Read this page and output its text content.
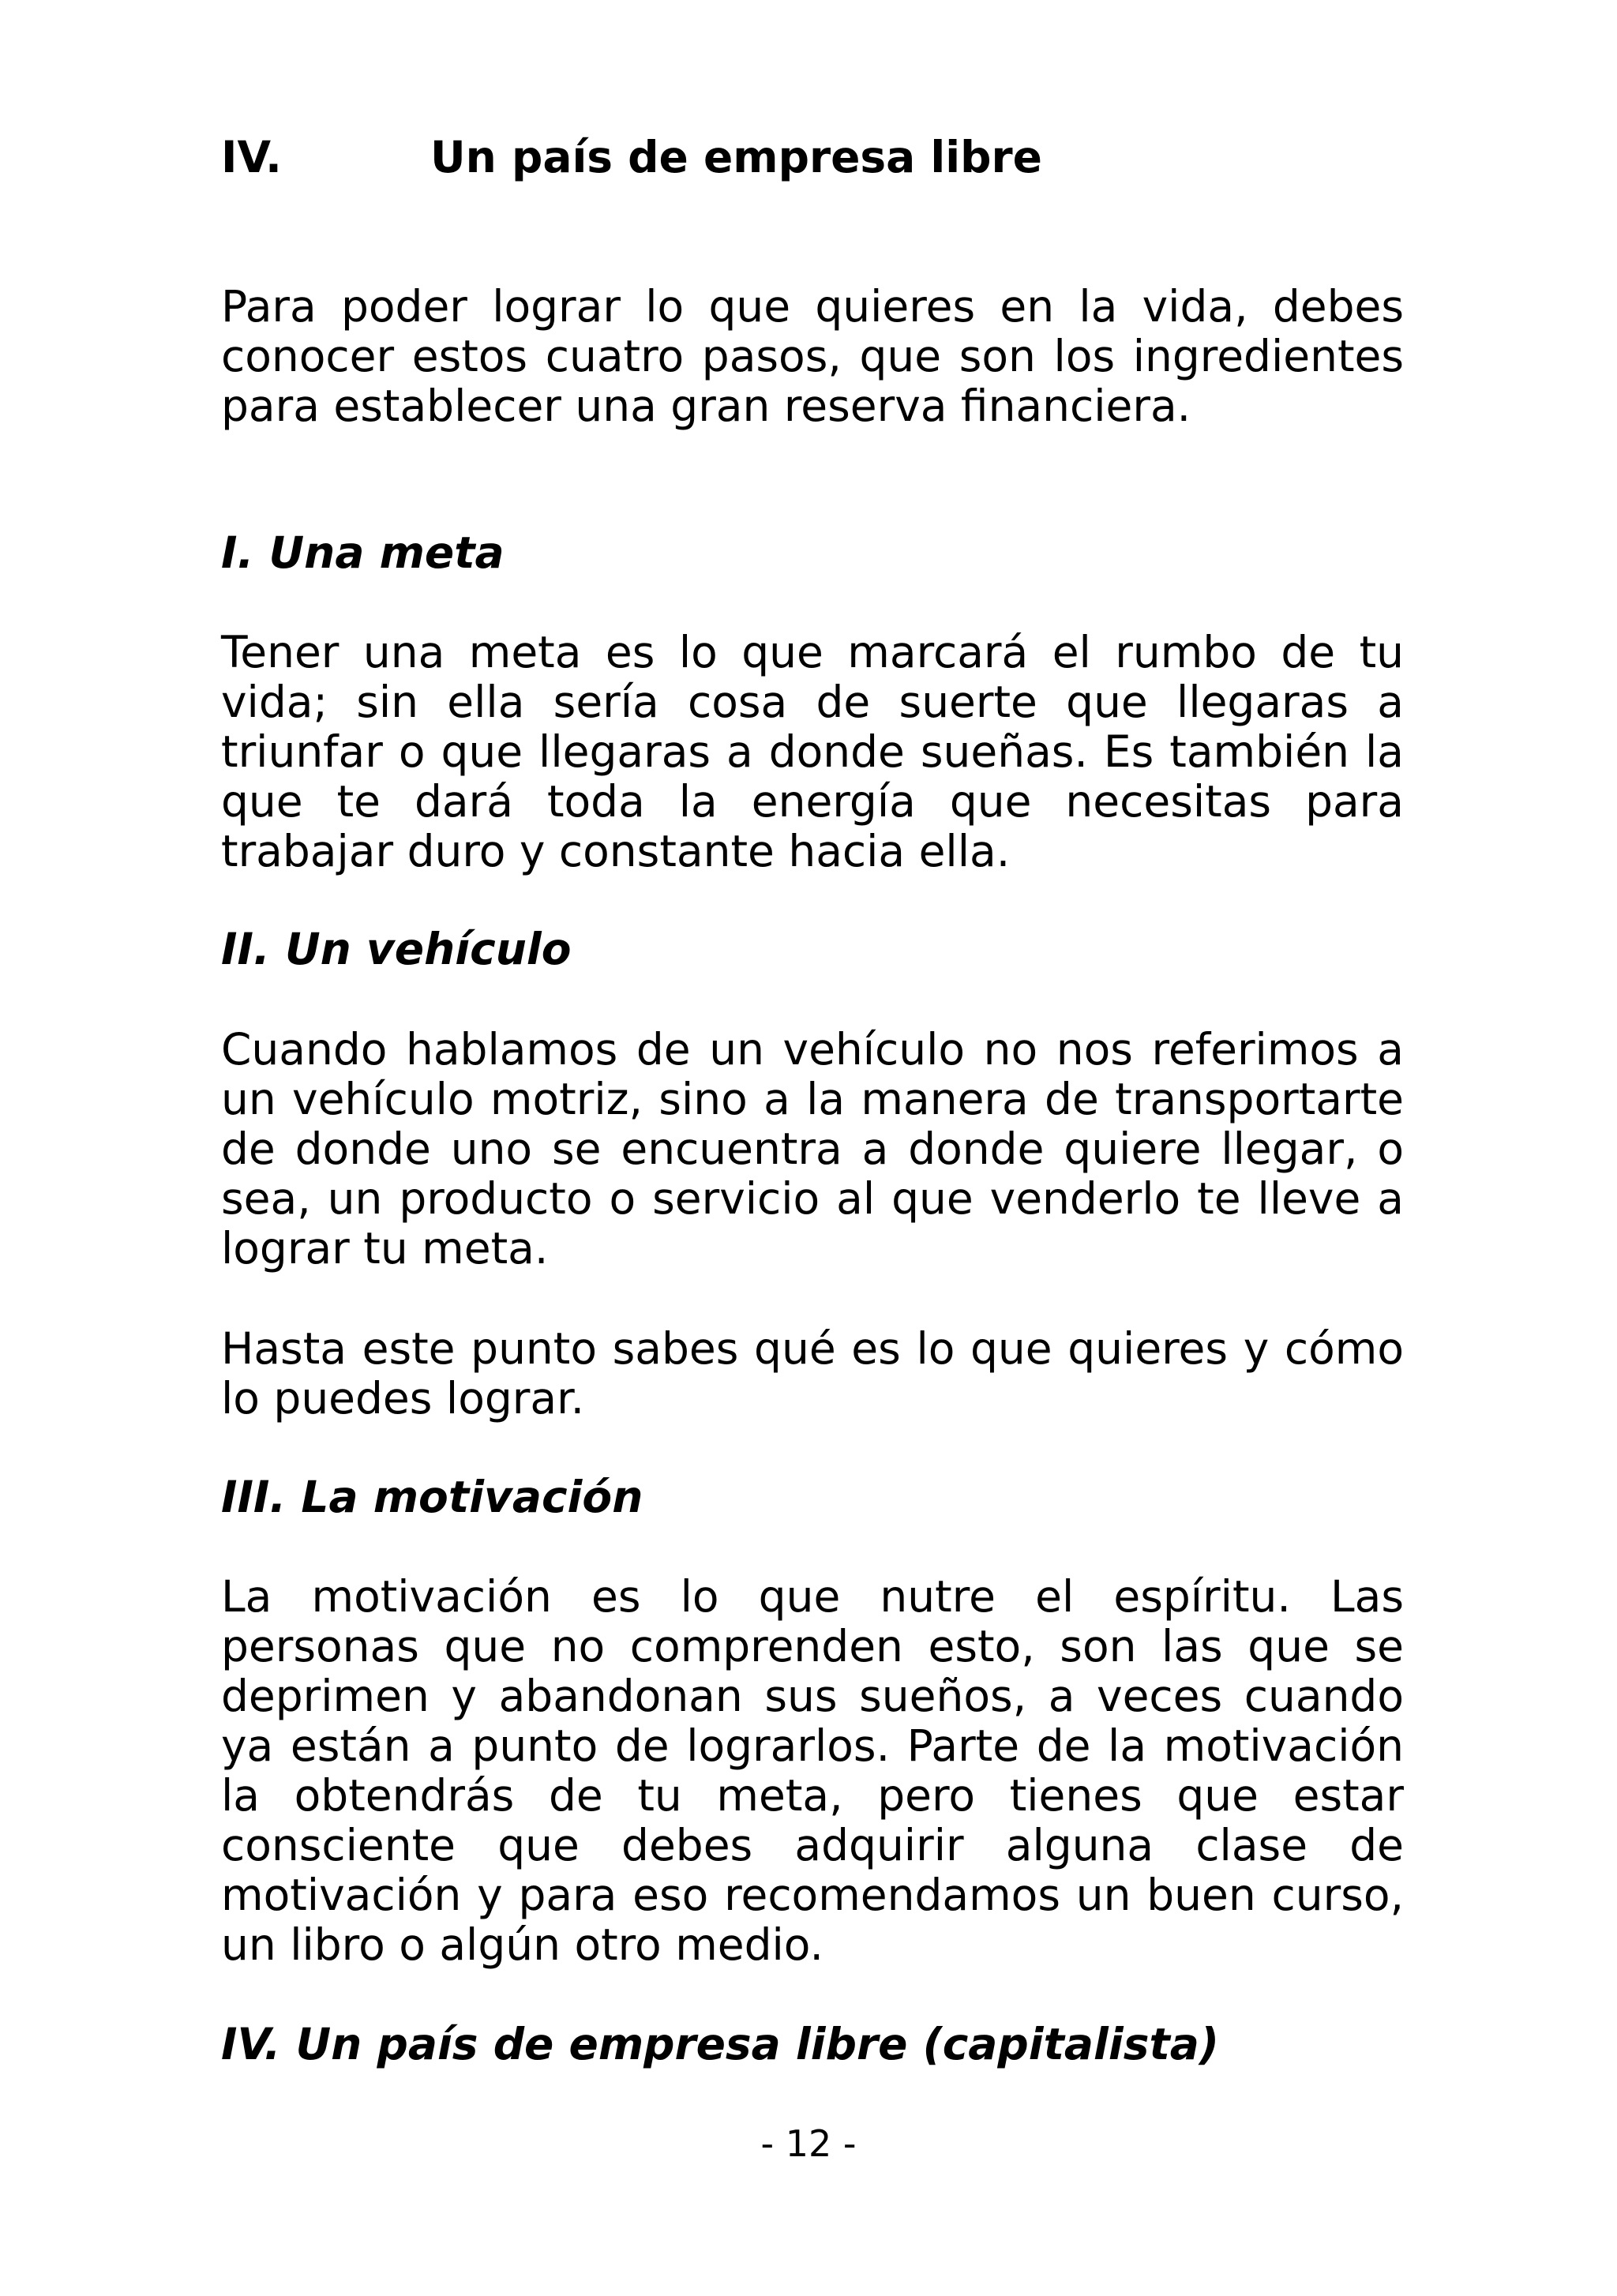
IV.	Un país de empresa libre

Para poder lograr lo que quieres en la vida, debes conocer estos cuatro pasos, que son los ingredientes para establecer una gran reserva financiera.

I. Una meta

Tener una meta es lo que marcará el rumbo de tu vida; sin ella sería cosa de suerte que llegaras a triunfar o que llegaras a donde sueñas. Es también la que te dará toda la energía que necesitas para trabajar duro y constante hacia ella.

II. Un vehículo

Cuando hablamos de un vehículo no nos referimos a un vehículo motriz, sino a la manera de transportarte de donde uno se encuentra a donde quiere llegar, o sea, un producto o servicio al que venderlo te lleve a lograr tu meta.

Hasta este punto sabes qué es lo que quieres y cómo lo puedes lograr.

III. La motivación

La motivación es lo que nutre el espíritu. Las personas que no comprenden esto, son las que se deprimen y abandonan sus sueños, a veces cuando ya están a punto de lograrlos. Parte de la motivación la obtendrás de tu meta, pero tienes que estar consciente que debes adquirir alguna clase de motivación y para eso recomendamos un buen curso, un libro o algún otro medio.

IV. Un país de empresa libre (capitalista)
- 12 -
